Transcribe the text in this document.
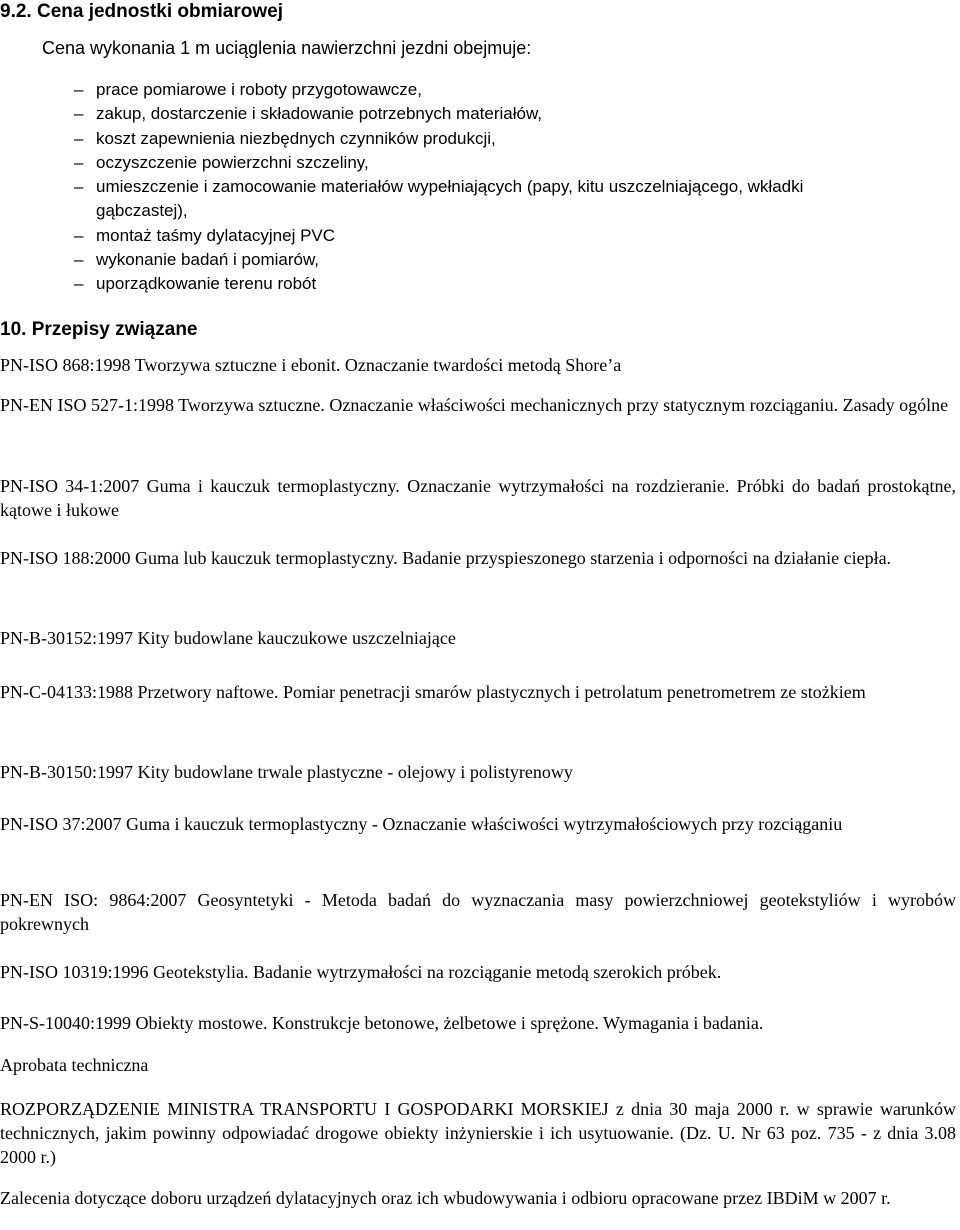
9.2. Cena jednostki obmiarowej
Cena wykonania 1 m uciąglenia nawierzchni jezdni obejmuje:
– prace pomiarowe i roboty przygotowawcze,
– zakup, dostarczenie i składowanie potrzebnych materiałów,
– koszt zapewnienia niezbędnych czynników produkcji,
– oczyszczenie powierzchni szczeliny,
– umieszczenie i zamocowanie materiałów wypełniających (papy, kitu uszczelniającego, wkładki gąbczastej),
– montaż taśmy dylatacyjnej PVC
– wykonanie badań i pomiarów,
– uporządkowanie terenu robót
10. Przepisy związane
PN-ISO 868:1998 Tworzywa sztuczne i ebonit. Oznaczanie twardości metodą Shore’a
PN-EN ISO 527-1:1998 Tworzywa sztuczne. Oznaczanie właściwości mechanicznych przy statycznym rozciąganiu. Zasady ogólne
PN-ISO 34-1:2007 Guma i kauczuk termoplastyczny. Oznaczanie wytrzymałości na rozdzieranie. Próbki do badań prostokątne, kątowe i łukowe
PN-ISO 188:2000 Guma lub kauczuk termoplastyczny. Badanie przyspieszonego starzenia i odporności na działanie ciepła.
PN-B-30152:1997 Kity budowlane kauczukowe uszczelniające
PN-C-04133:1988 Przetwory naftowe. Pomiar penetracji smarów plastycznych i petrolatum penetrometrem ze stożkiem
PN-B-30150:1997 Kity budowlane trwale plastyczne - olejowy i polistyrenowy
PN-ISO 37:2007 Guma i kauczuk termoplastyczny - Oznaczanie właściwości wytrzymałościowych przy rozciąganiu
PN-EN ISO: 9864:2007 Geosyntetyki - Metoda badań do wyznaczania masy powierzchniowej geotekstyliów i wyrobów pokrewnych
PN-ISO 10319:1996 Geotekstylia. Badanie wytrzymałości na rozciąganie metodą szerokich próbek.
PN-S-10040:1999 Obiekty mostowe. Konstrukcje betonowe, żelbetowe i sprężone. Wymagania i badania.
Aprobata techniczna
ROZPORZĄDZENIE MINISTRA TRANSPORTU I GOSPODARKI MORSKIEJ z dnia 30 maja 2000 r. w sprawie warunków technicznych, jakim powinny odpowiadać drogowe obiekty inżynierskie i ich usytuowanie. (Dz. U. Nr 63 poz. 735 - z dnia 3.08 2000 r.)
Zalecenia dotyczące doboru urządzeń dylatacyjnych oraz ich wbudowywania i odbioru opracowane przez IBDiM w 2007 r.
